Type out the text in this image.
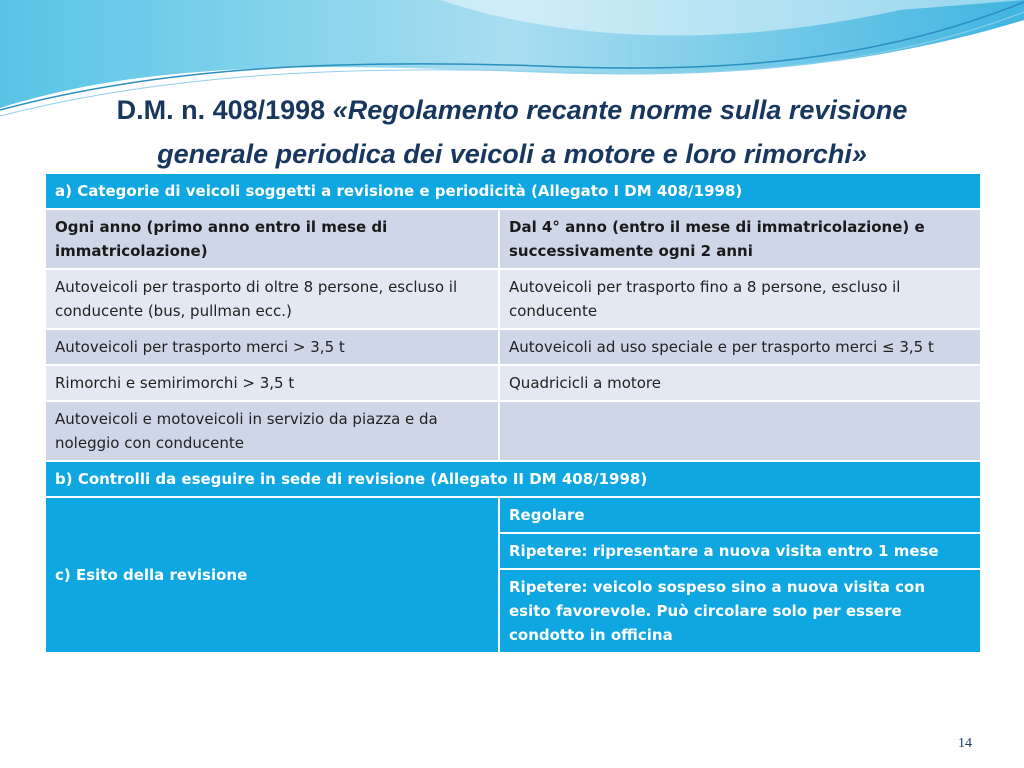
D.M. n. 408/1998 «Regolamento recante norme sulla revisione
generale periodica dei veicoli a motore e loro rimorchi»
a) Categorie di veicoli soggetti a revisione e periodicità (Allegato I DM 408/1998)	
Ogni anno (primo anno entro il mese di immatricolazione)	Dal 4° anno (entro il mese di immatricolazione) e successivamente ogni 2 anni
Autoveicoli per trasporto di oltre 8 persone, escluso il conducente (bus, pullman ecc.)	Autoveicoli per trasporto fino a 8 persone, escluso il conducente
Autoveicoli per trasporto merci > 3,5 t	Autoveicoli ad uso speciale e per trasporto merci ≤ 3,5 t
Rimorchi e semirimorchi > 3,5 t	Quadricicli a motore
Autoveicoli e motoveicoli in servizio da piazza e da noleggio con conducente	
b) Controlli da eseguire in sede di revisione (Allegato II DM 408/1998)	
c) Esito della revisione	Regolare
	Ripetere: ripresentare a nuova visita entro 1 mese
	Ripetere: veicolo sospeso sino a nuova visita con esito favorevole. Può circolare solo per essere condotto in officina
14
